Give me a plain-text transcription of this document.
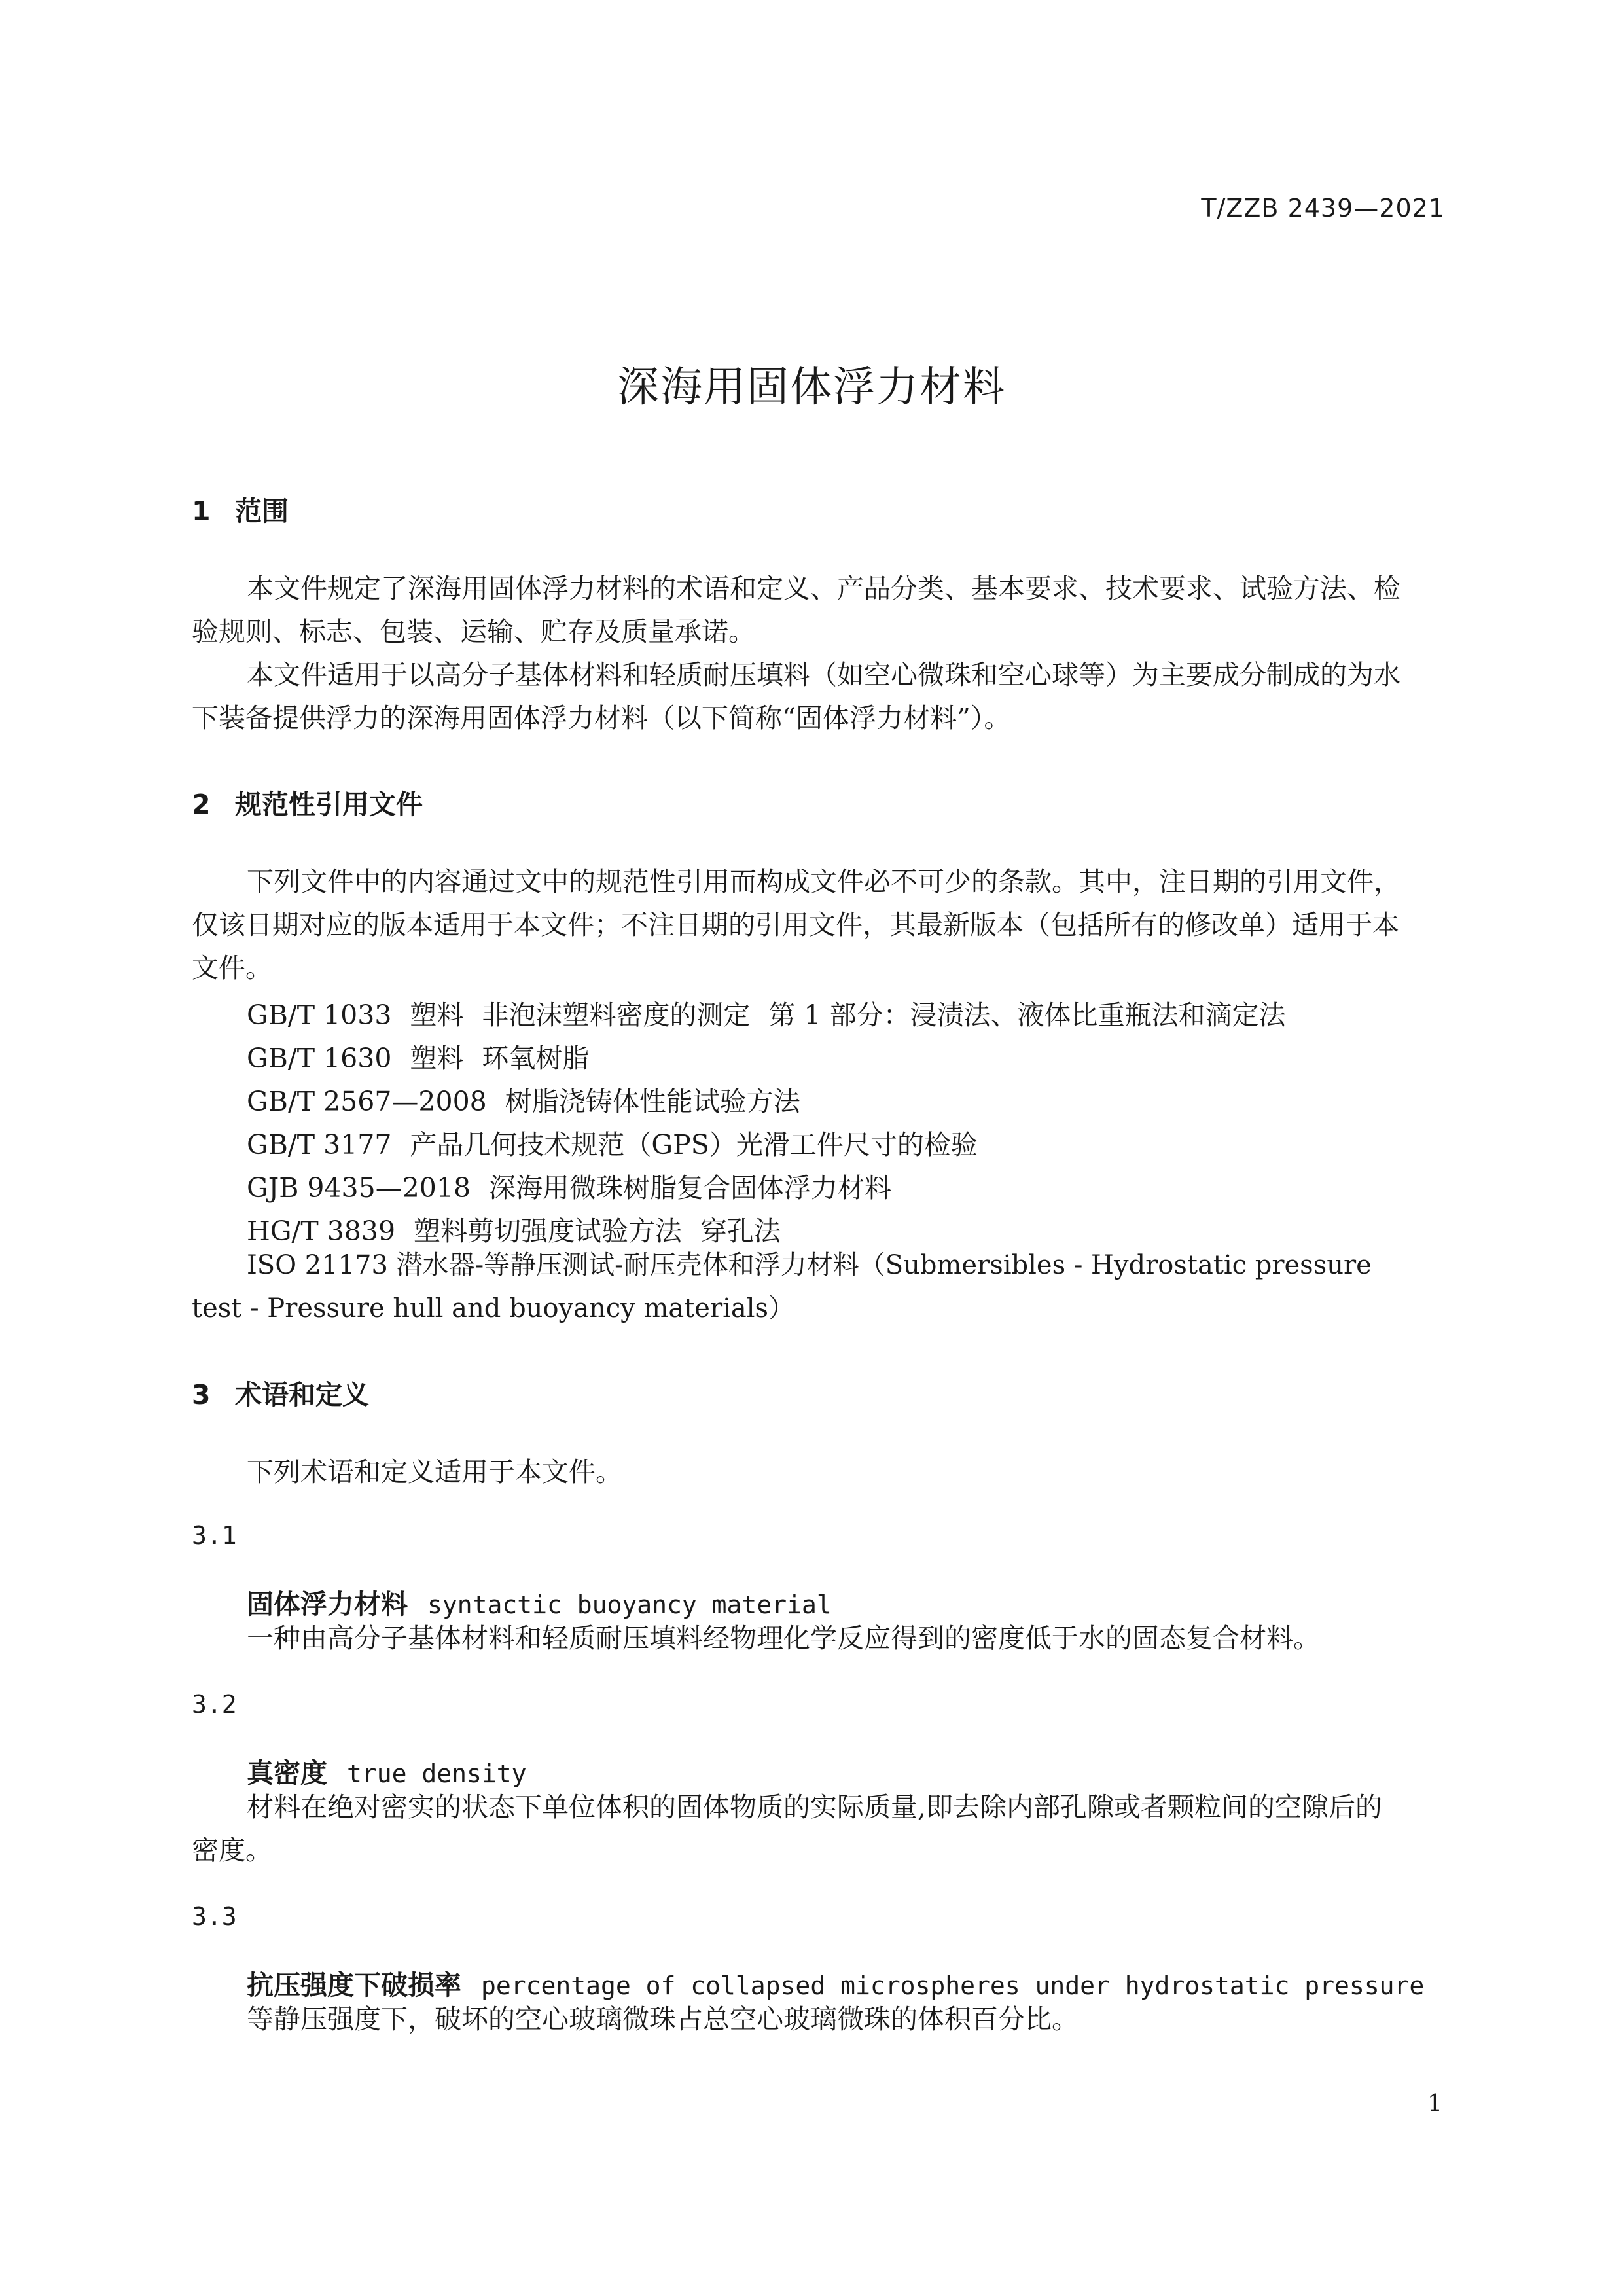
T/ZZB 2439—2021
深海用固体浮力材料
1 范围
本文件规定了深海用固体浮力材料的术语和定义、产品分类、基本要求、技术要求、试验方法、检
验规则、标志、包装、运输、贮存及质量承诺。
本文件适用于以高分子基体材料和轻质耐压填料（如空心微珠和空心球等）为主要成分制成的为水
下装备提供浮力的深海用固体浮力材料（以下简称“固体浮力材料”）。
2 规范性引用文件
下列文件中的内容通过文中的规范性引用而构成文件必不可少的条款。其中，注日期的引用文件，
仅该日期对应的版本适用于本文件；不注日期的引用文件，其最新版本（包括所有的修改单）适用于本
文件。
GB/T 1033 塑料 非泡沫塑料密度的测定 第 1 部分：浸渍法、液体比重瓶法和滴定法
GB/T 1630 塑料 环氧树脂
GB/T 2567—2008 树脂浇铸体性能试验方法
GB/T 3177 产品几何技术规范（GPS）光滑工件尺寸的检验
GJB 9435—2018 深海用微珠树脂复合固体浮力材料
HG/T 3839 塑料剪切强度试验方法 穿孔法
ISO 21173 潜水器-等静压测试-耐压壳体和浮力材料（Submersibles - Hydrostatic pressure
test - Pressure hull and buoyancy materials）
3 术语和定义
下列术语和定义适用于本文件。
3.1
固体浮力材料 syntactic buoyancy material
一种由高分子基体材料和轻质耐压填料经物理化学反应得到的密度低于水的固态复合材料。
3.2
真密度 true density
材料在绝对密实的状态下单位体积的固体物质的实际质量,即去除内部孔隙或者颗粒间的空隙后的
密度。
3.3
抗压强度下破损率 percentage of collapsed microspheres under hydrostatic pressure
等静压强度下，破坏的空心玻璃微珠占总空心玻璃微珠的体积百分比。
1
